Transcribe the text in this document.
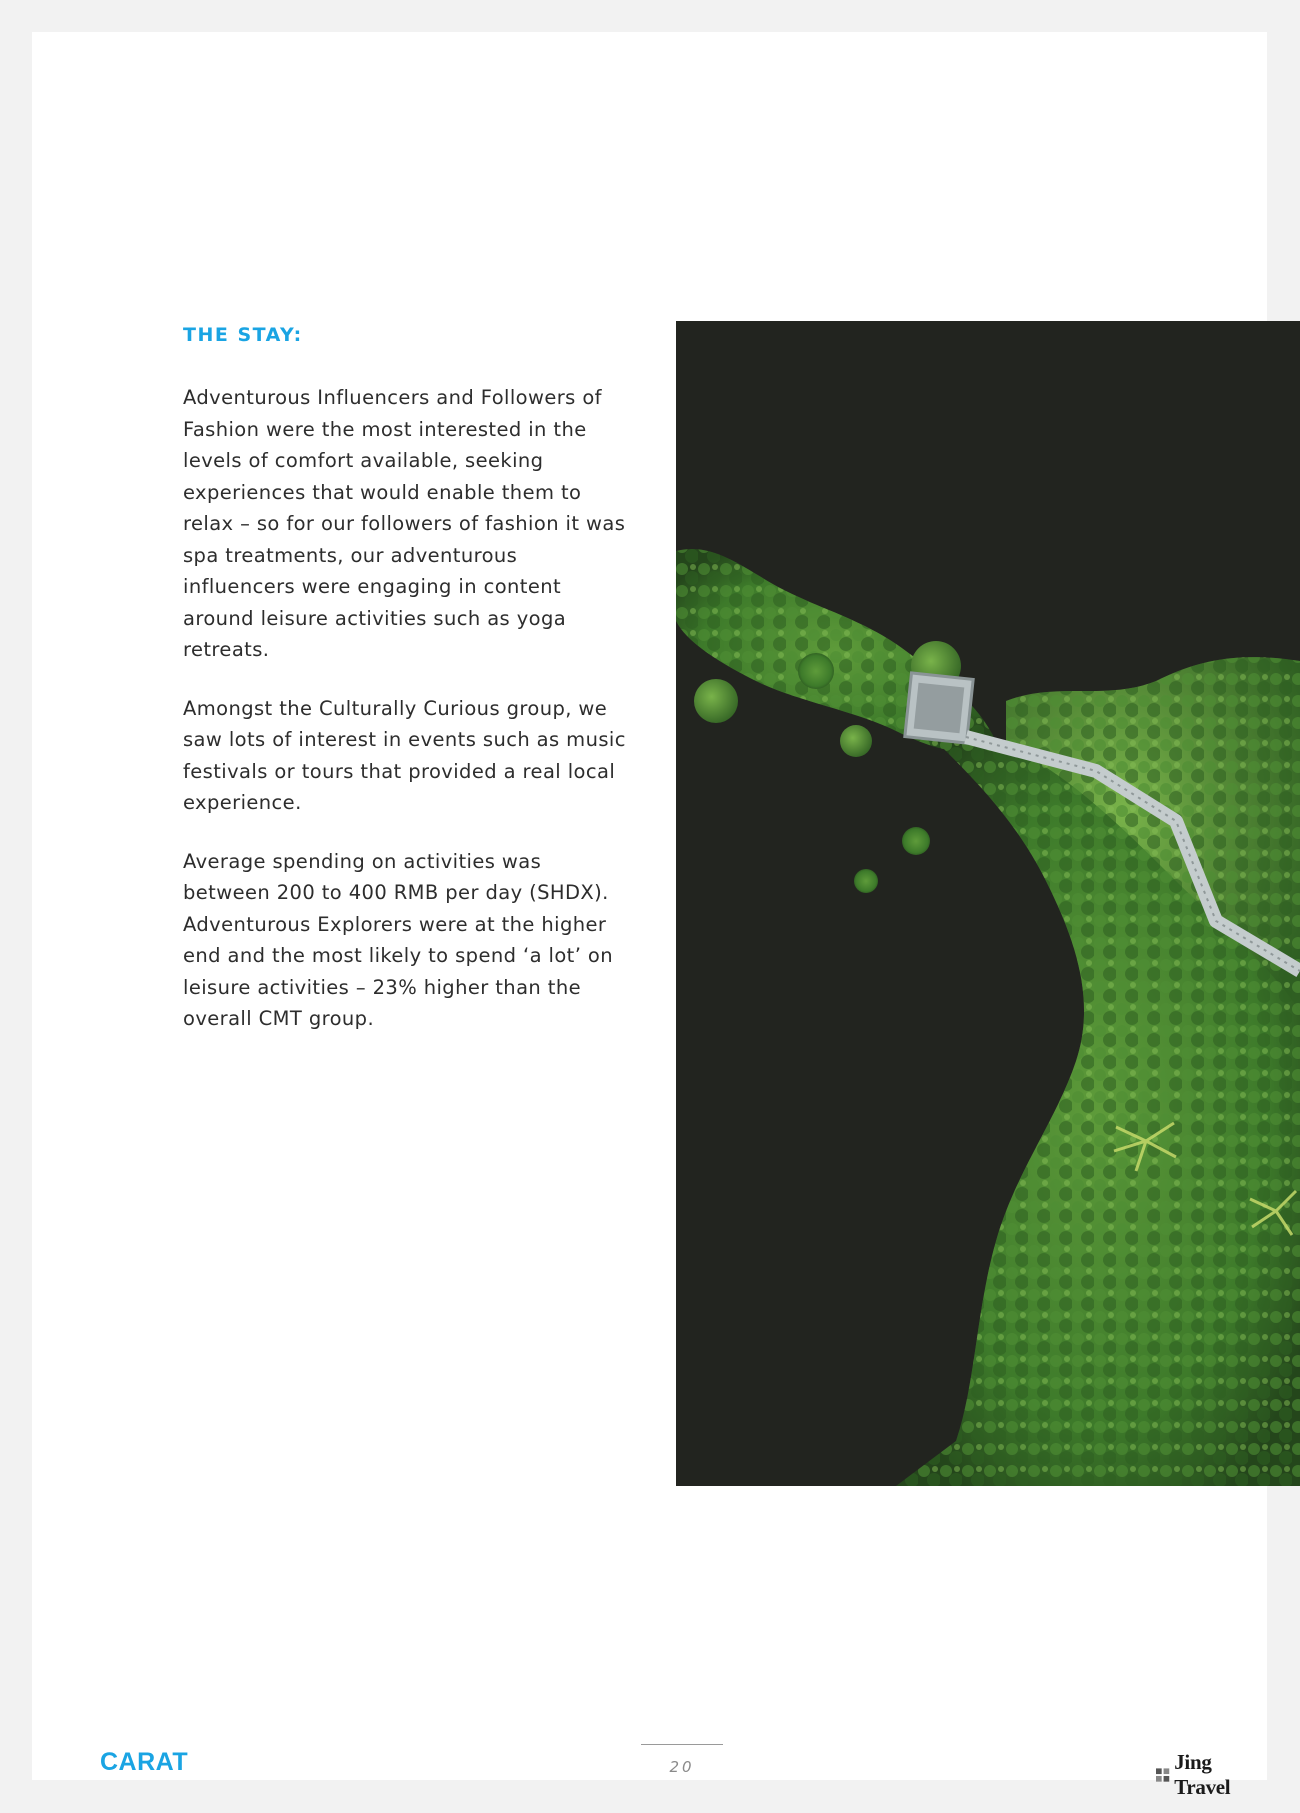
THE STAY:

Adventurous Influencers and Followers of Fashion were the most interested in the levels of comfort available, seeking experiences that would enable them to relax – so for our followers of fashion it was spa treatments, our adventurous influencers were engaging in content around leisure activities such as yoga retreats.

Amongst the Culturally Curious group, we saw lots of interest in events such as music festivals or tours that provided a real local experience.

Average spending on activities was between 200 to 400 RMB per day (SHDX). Adventurous Explorers were at the higher end and the most likely to spend ‘a lot’ on leisure activities – 23% higher than the overall CMT group.

CARAT	20	Jing Travel
